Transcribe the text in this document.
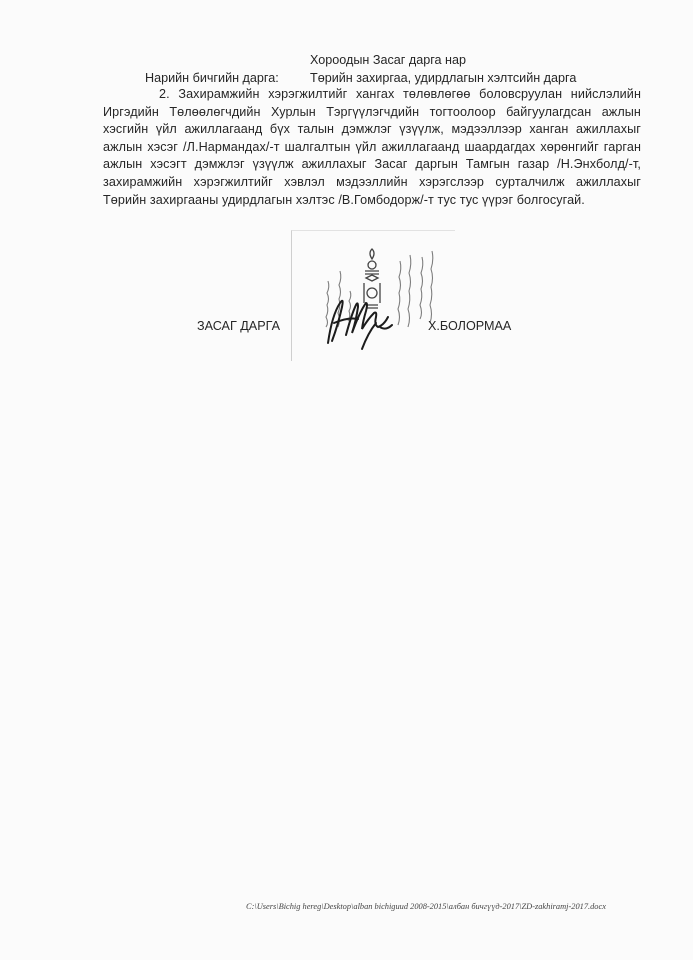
Хороодын Засаг дарга нар
Нарийн бичгийн дарга: Төрийн захиргаа, удирдлагын хэлтсийн дарга
2. Захирамжийн хэрэгжилтийг хангах төлөвлөгөө боловсруулан нийслэлийн Иргэдийн Төлөөлөгчдийн Хурлын Тэргүүлэгчдийн тогтоолоор байгуулагдсан ажлын хэсгийн үйл ажиллагаанд бүх талын дэмжлэг үзүүлж, мэдээллээр ханган ажиллахыг ажлын хэсэг /Л.Нармандах/-т шалгалтын үйл ажиллагаанд шаардагдах хөрөнгийг гарган ажлын хэсэгт дэмжлэг үзүүлж ажиллахыг Засаг даргын Тамгын газар /Н.Энхболд/-т, захирамжийн хэрэгжилтийг хэвлэл мэдээллийн хэрэгслээр сурталчилж ажиллахыг Төрийн захиргааны удирдлагын хэлтэс /В.Гомбодорж/-т тус тус үүрэг болгосугай.
ЗАСАГ ДАРГА	Х.БОЛОРМАА
C:\Users\Bichig hereg\Desktop\alban bichiguud 2008-2015\албан бичгүүд-2017\ZD-zakhiramj-2017.docx
